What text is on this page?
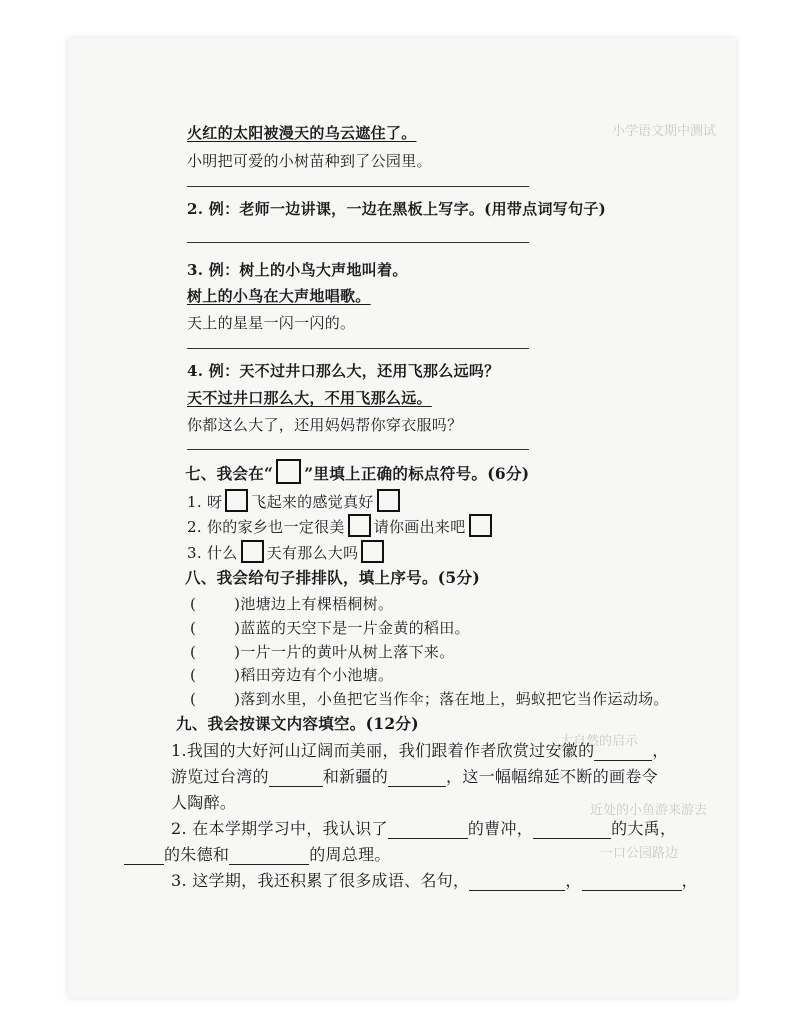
小学语文期中测试
大自然的启示
一口公园路边
近处的小鱼游来游去
火红的太阳被漫天的乌云遮住了。
小明把可爱的小树苗种到了公园里。
2. 例：老师一边讲课，一边在黑板上写字。(用带点词写句子)
3. 例：树上的小鸟大声地叫着。
树上的小鸟在大声地唱歌。
天上的星星一闪一闪的。
4. 例：天不过井口那么大，还用飞那么远吗？
天不过井口那么大，不用飞那么远。
你都这么大了，还用妈妈帮你穿衣服吗？
七、我会在“ ”里填上正确的标点符号。(6分)
1. 呀 飞起来的感觉真好
2. 你的家乡也一定很美 请你画出来吧
3. 什么 天有那么大吗
八、我会给句子排排队，填上序号。(5分)
(	)池塘边上有棵梧桐树。
(	)蓝蓝的天空下是一片金黄的稻田。
(	)一片一片的黄叶从树上落下来。
(	)稻田旁边有个小池塘。
(	)落到水里，小鱼把它当作伞；落在地上，蚂蚁把它当作运动场。
九、我会按课文内容填空。(12分)
1.我国的大好河山辽阔而美丽，我们跟着作者欣赏过安徽的	，
游览过台湾的	和新疆的	，这一幅幅绵延不断的画卷令
人陶醉。
2. 在本学期学习中，我认识了	的曹冲，	的大禹，
的朱德和	的周总理。
3. 这学期，我还积累了很多成语、名句，	，	，
